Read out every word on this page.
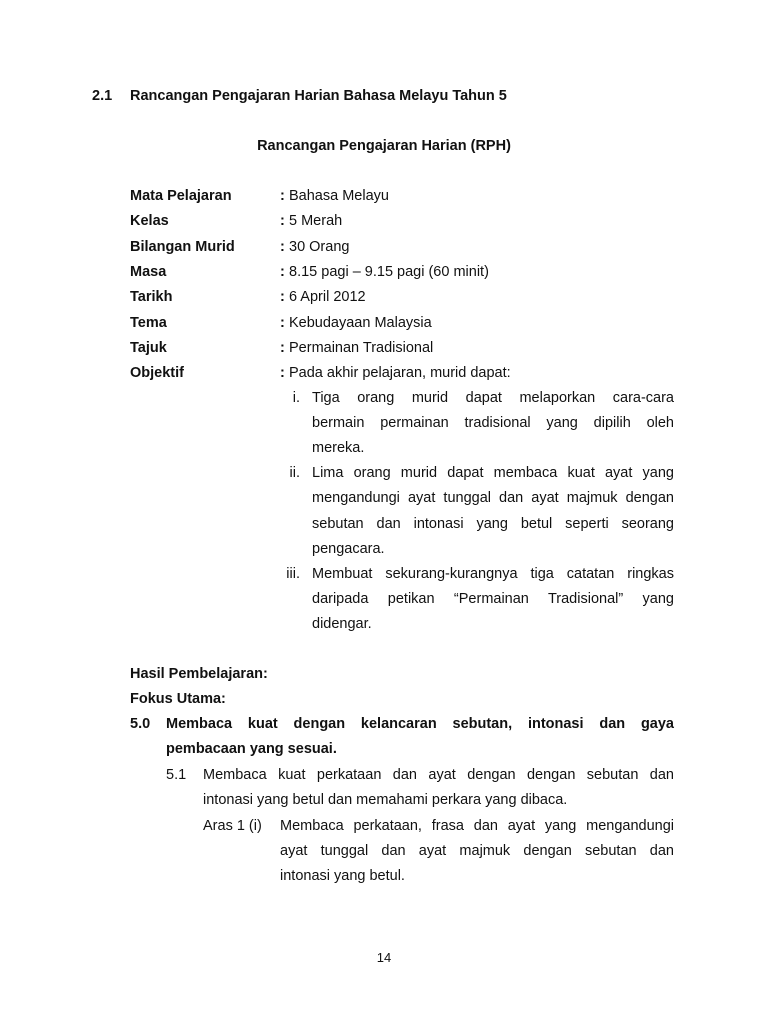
2.1 Rancangan Pengajaran Harian Bahasa Melayu Tahun 5
Rancangan Pengajaran Harian (RPH)
Mata Pelajaran	: Bahasa Melayu
Kelas	: 5 Merah
Bilangan Murid	: 30 Orang
Masa	: 8.15 pagi – 9.15 pagi (60 minit)
Tarikh	: 6 April 2012
Tema	: Kebudayaan Malaysia
Tajuk	: Permainan Tradisional
Objektif	: Pada akhir pelajaran, murid dapat:
i. Tiga orang murid dapat melaporkan cara-cara
bermain permainan tradisional yang dipilih oleh
mereka.
ii. Lima orang murid dapat membaca kuat ayat yang
mengandungi ayat tunggal dan ayat majmuk dengan
sebutan dan intonasi yang betul seperti seorang
pengacara.
iii. Membuat sekurang-kurangnya tiga catatan ringkas
daripada petikan “Permainan Tradisional” yang
didengar.
Hasil Pembelajaran:
Fokus Utama:
5.0 Membaca kuat dengan kelancaran sebutan, intonasi dan gaya
pembacaan yang sesuai.
5.1 Membaca kuat perkataan dan ayat dengan dengan sebutan dan
intonasi yang betul dan memahami perkara yang dibaca.
Aras 1 (i) Membaca perkataan, frasa dan ayat yang mengandungi
ayat tunggal dan ayat majmuk dengan sebutan dan
intonasi yang betul.
14
